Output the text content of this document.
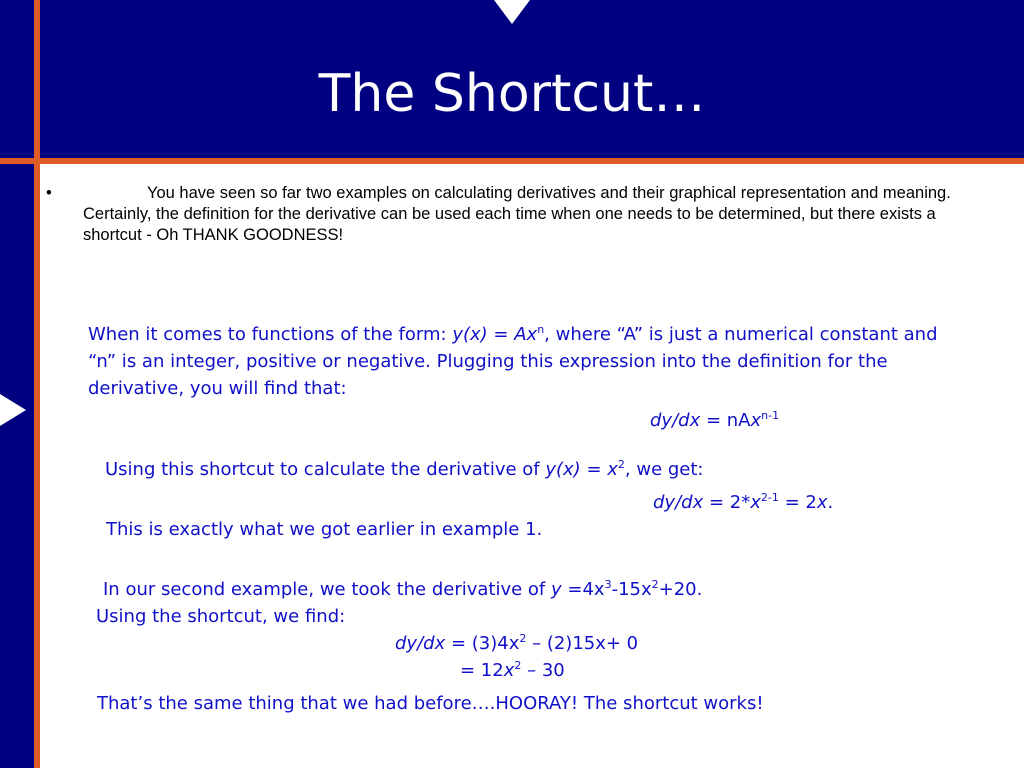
The Shortcut…
•	You have seen so far two examples on calculating derivatives and their graphical representation and meaning. Certainly, the definition for the derivative can be used each time when one needs to be determined, but there exists a shortcut - Oh THANK GOODNESS!
When it comes to functions of the form: $y(x) = Ax^n$, where “A” is just a numerical constant and “n” is an integer, positive or negative. Plugging this expression into the definition for the derivative, you will find that:
dy/dx = nAx$^{n-1}$
Using this shortcut to calculate the derivative of $y(x) = x^2$, we get:
$dy/dx = 2*x^{2-1} = 2x$.
This is exactly what we got earlier in example 1.
In our second example, we took the derivative of $y =4x^3-15x^2+20$.
Using the shortcut, we find:
$dy/dx = (3)4x^2 - (2)15x+ 0$
= $12x^2 - 30$
That’s the same thing that we had before….HOORAY! The shortcut works!
